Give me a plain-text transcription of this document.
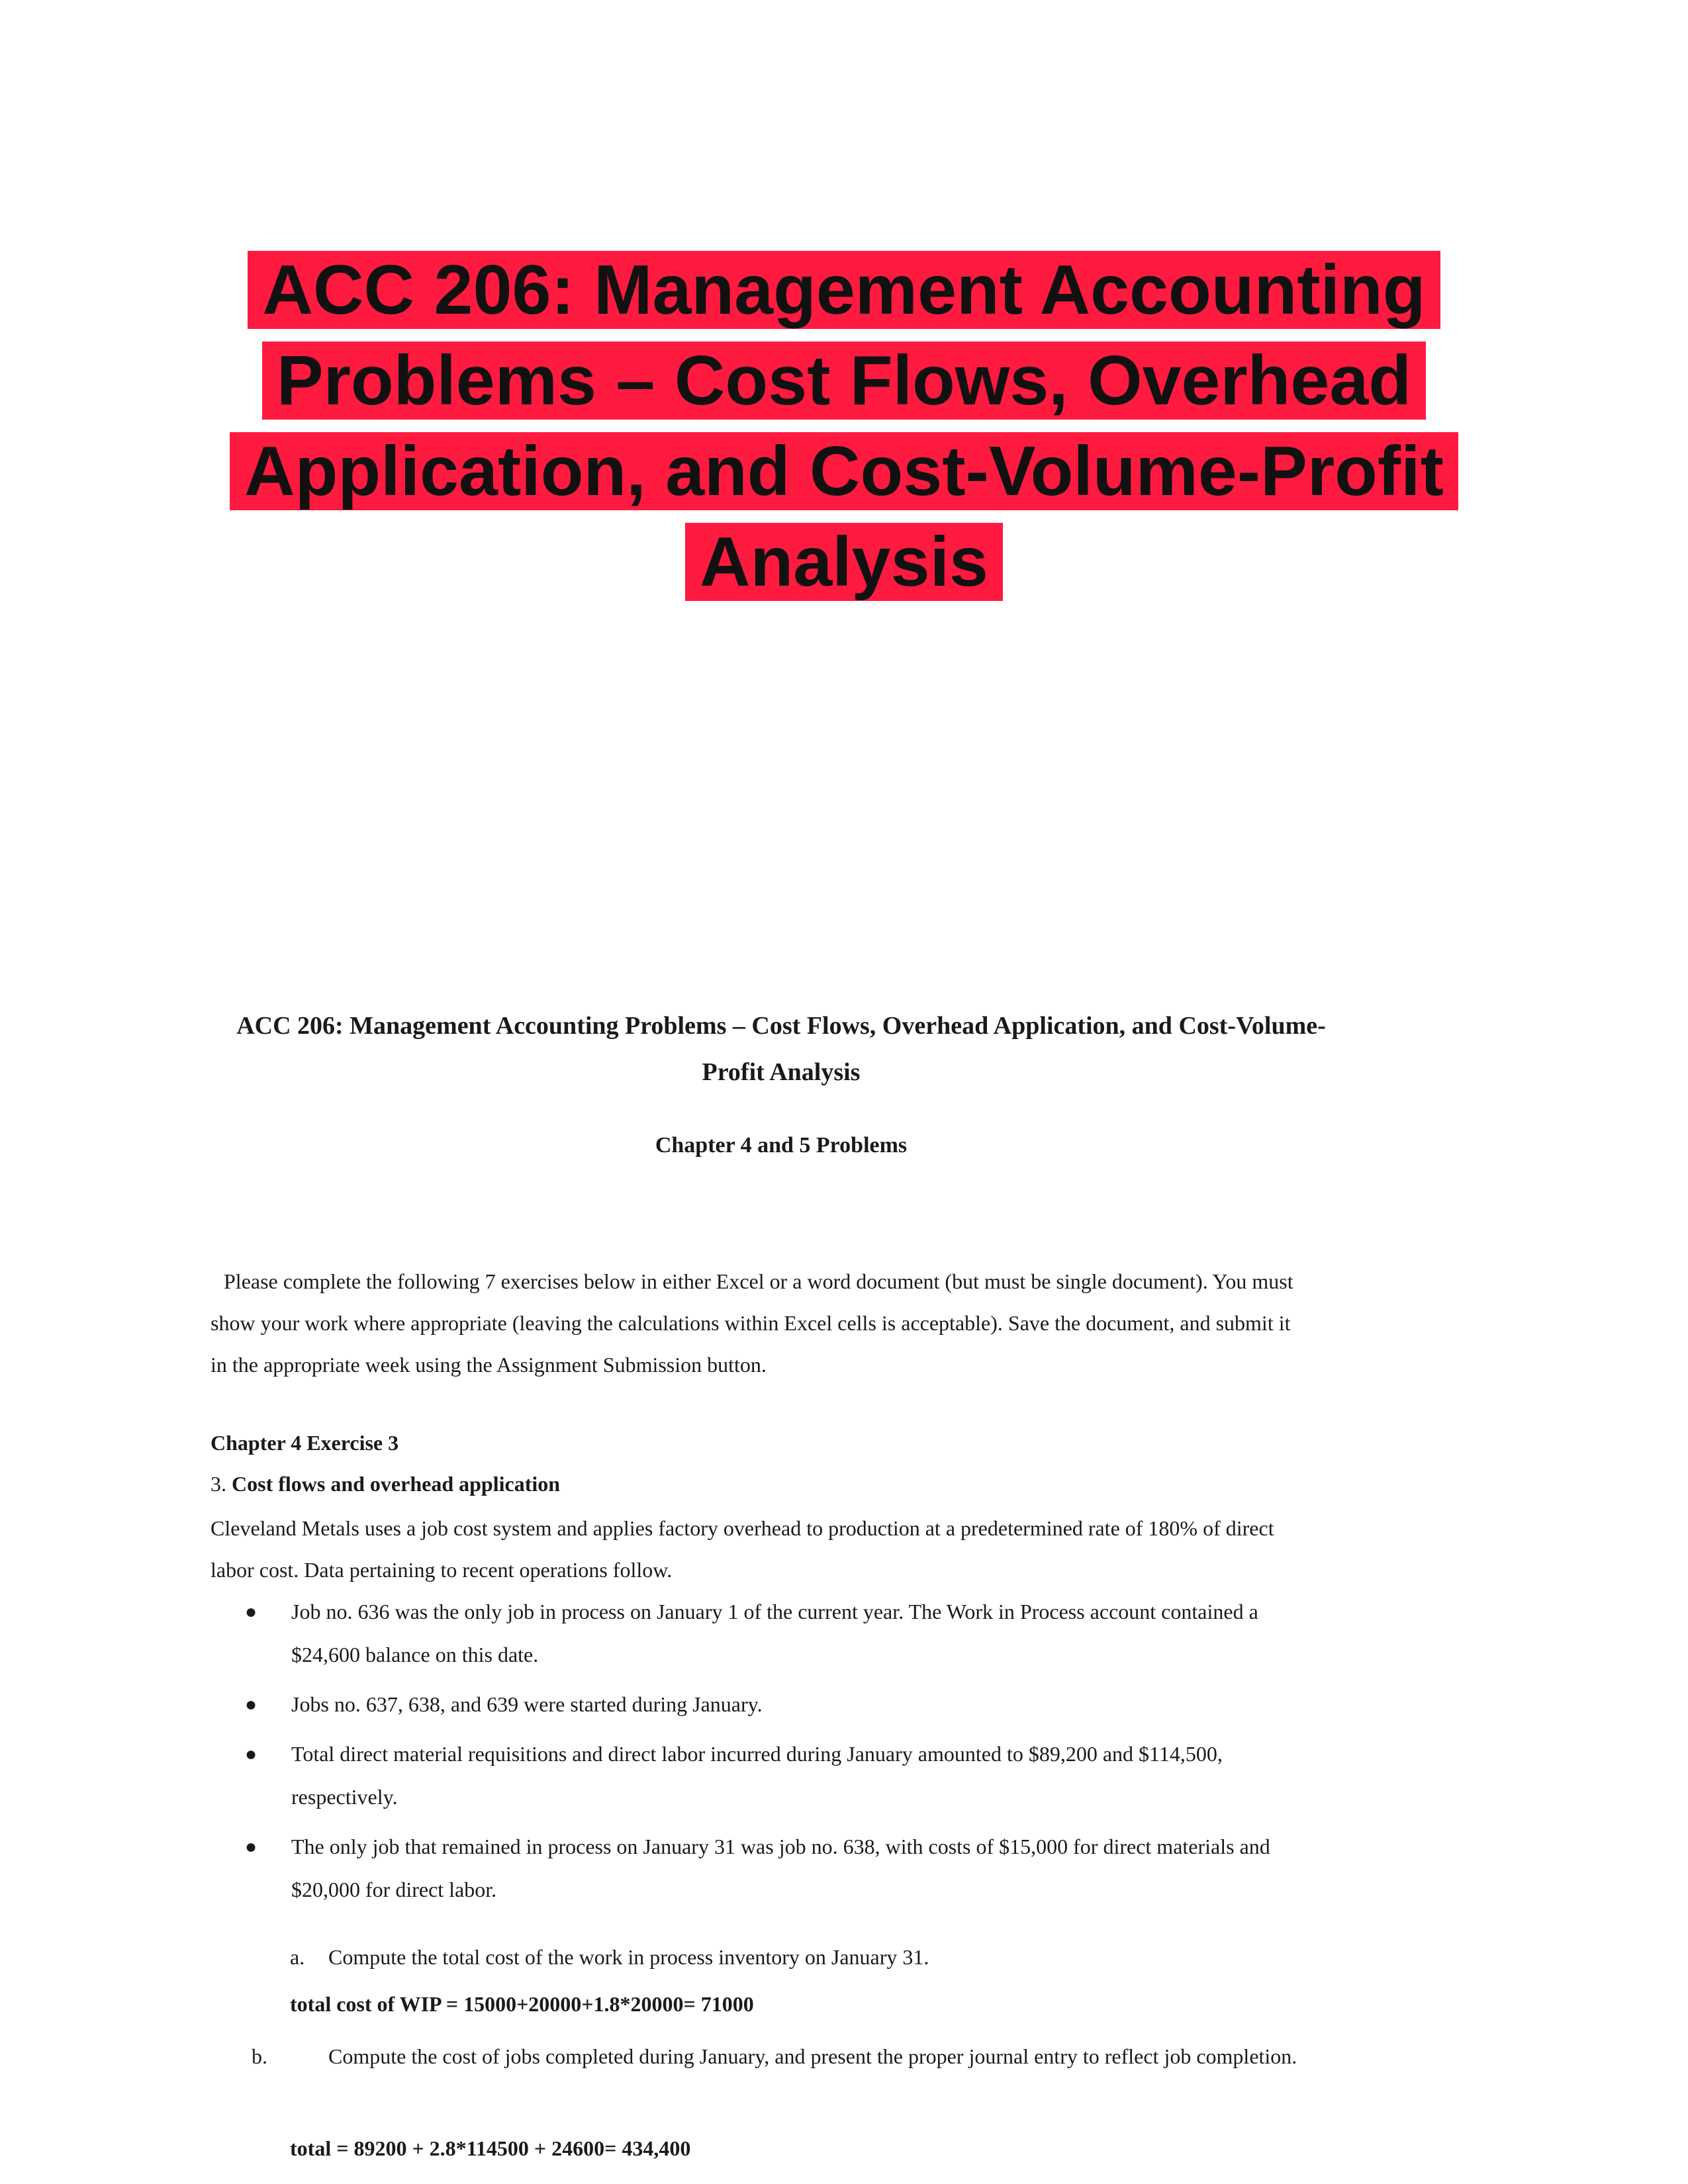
ACC 206: Management Accounting Problems – Cost Flows, Overhead Application, and Cost-Volume-Profit Analysis
ACC 206: Management Accounting Problems – Cost Flows, Overhead Application, and Cost-Volume-Profit Analysis
Chapter 4 and 5 Problems
Please complete the following 7 exercises below in either Excel or a word document (but must be single document). You must show your work where appropriate (leaving the calculations within Excel cells is acceptable). Save the document, and submit it in the appropriate week using the Assignment Submission button.
Chapter 4 Exercise 3
3. Cost flows and overhead application
Cleveland Metals uses a job cost system and applies factory overhead to production at a predetermined rate of 180% of direct labor cost. Data pertaining to recent operations follow.
● Job no. 636 was the only job in process on January 1 of the current year. The Work in Process account contained a $24,600 balance on this date.
● Jobs no. 637, 638, and 639 were started during January.
● Total direct material requisitions and direct labor incurred during January amounted to $89,200 and $114,500, respectively.
● The only job that remained in process on January 31 was job no. 638, with costs of $15,000 for direct materials and $20,000 for direct labor.
a. Compute the total cost of the work in process inventory on January 31.
total cost of WIP = 15000+20000+1.8*20000= 71000
b.	Compute the cost of jobs completed during January, and present the proper journal entry to reflect job completion.
total = 89200 + 2.8*114500 + 24600= 434,400
